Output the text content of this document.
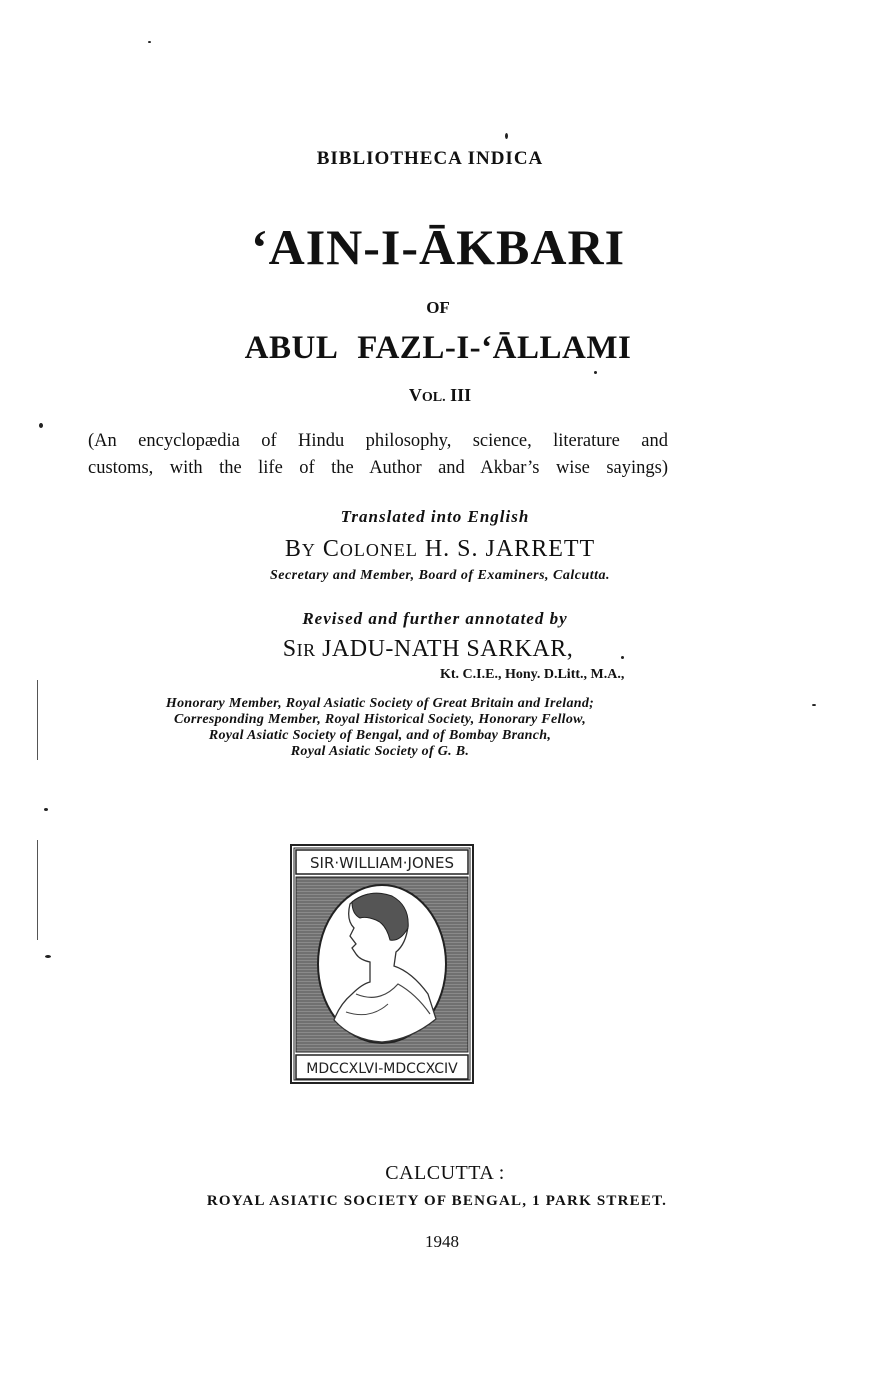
BIBLIOTHECA INDICA
‘AIN-I-ĀKBARI
OF
ABUL FAZL-I-‘ĀLLAMI
VOL. III
(An encyclopædia of Hindu philosophy, science, literature and
customs, with the life of the Author and Akbar’s wise sayings)
Translated into English
BY COLONEL H. S. JARRETT
Secretary and Member, Board of Examiners, Calcutta.
Revised and further annotated by
SIR JADU-NATH SARKAR,
Kt. C.I.E., Hony. D.Litt., M.A.,
Honorary Member, Royal Asiatic Society of Great Britain and Ireland;
Corresponding Member, Royal Historical Society, Honorary Fellow,
Royal Asiatic Society of Bengal, and of Bombay Branch,
Royal Asiatic Society of G. B.
SIR·WILLIAM·JONES
MDCCXLVI-MDCCXCIV
CALCUTTA :
ROYAL ASIATIC SOCIETY OF BENGAL, 1 PARK STREET.
1948
